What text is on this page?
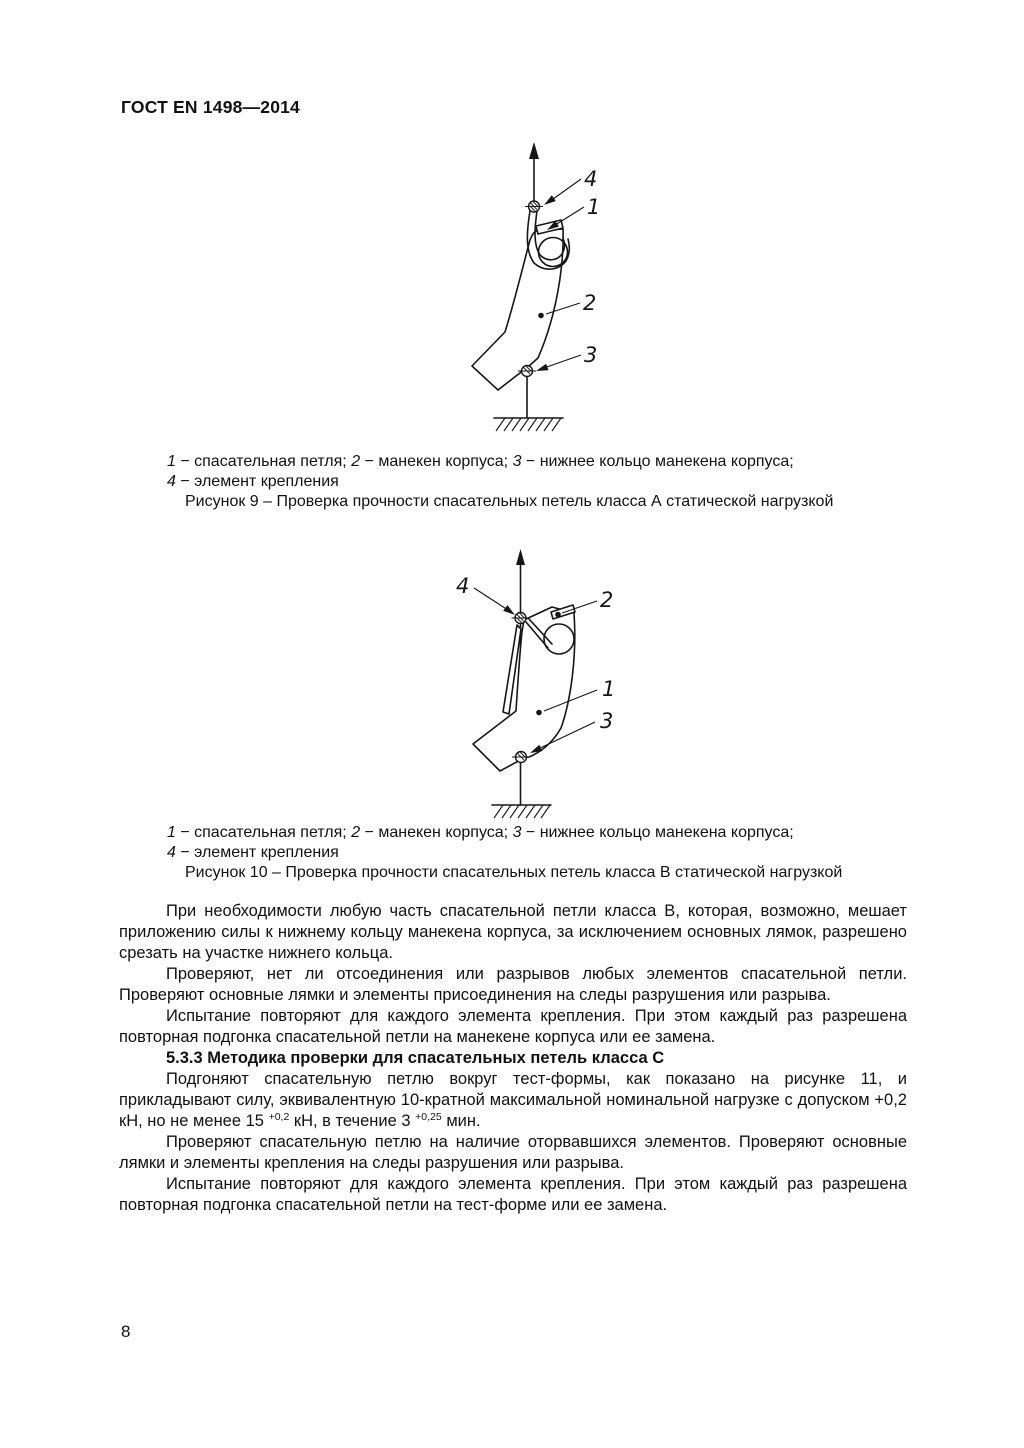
ГОСТ EN 1498—2014
4
1
2
3
1 − спасательная петля; 2 − манекен корпуса; 3 − нижнее кольцо манекена корпуса;
4 − элемент крепления
Рисунок 9 – Проверка прочности спасательных петель класса А статической нагрузкой
4
2
1
3
1 − спасательная петля; 2 − манекен корпуса; 3 − нижнее кольцо манекена корпуса;
4 − элемент крепления
Рисунок 10 – Проверка прочности спасательных петель класса В статической нагрузкой

При необходимости любую часть спасательной петли класса В, которая, возможно, мешает приложению силы к нижнему кольцу манекена корпуса, за исключением основных лямок, разрешено срезать на участке нижнего кольца.

Проверяют, нет ли отсоединения или разрывов любых элементов спасательной петли. Проверяют основные лямки и элементы присоединения на следы разрушения или разрыва.

Испытание повторяют для каждого элемента крепления. При этом каждый раз разрешена повторная подгонка спасательной петли на манекене корпуса или ее замена.

5.3.3 Методика проверки для спасательных петель класса С

Подгоняют спасательную петлю вокруг тест-формы, как показано на рисунке 11, и прикладывают силу, эквивалентную 10-кратной максимальной номинальной нагрузке с допуском +0,2 кН, но не менее 15 $^{+0,2}$ кН, в течение 3 $^{+0,25}$ мин.

Проверяют спасательную петлю на наличие оторвавшихся элементов. Проверяют основные лямки и элементы крепления на следы разрушения или разрыва.

Испытание повторяют для каждого элемента крепления. При этом каждый раз разрешена повторная подгонка спасательной петли на тест-форме или ее замена.

8
